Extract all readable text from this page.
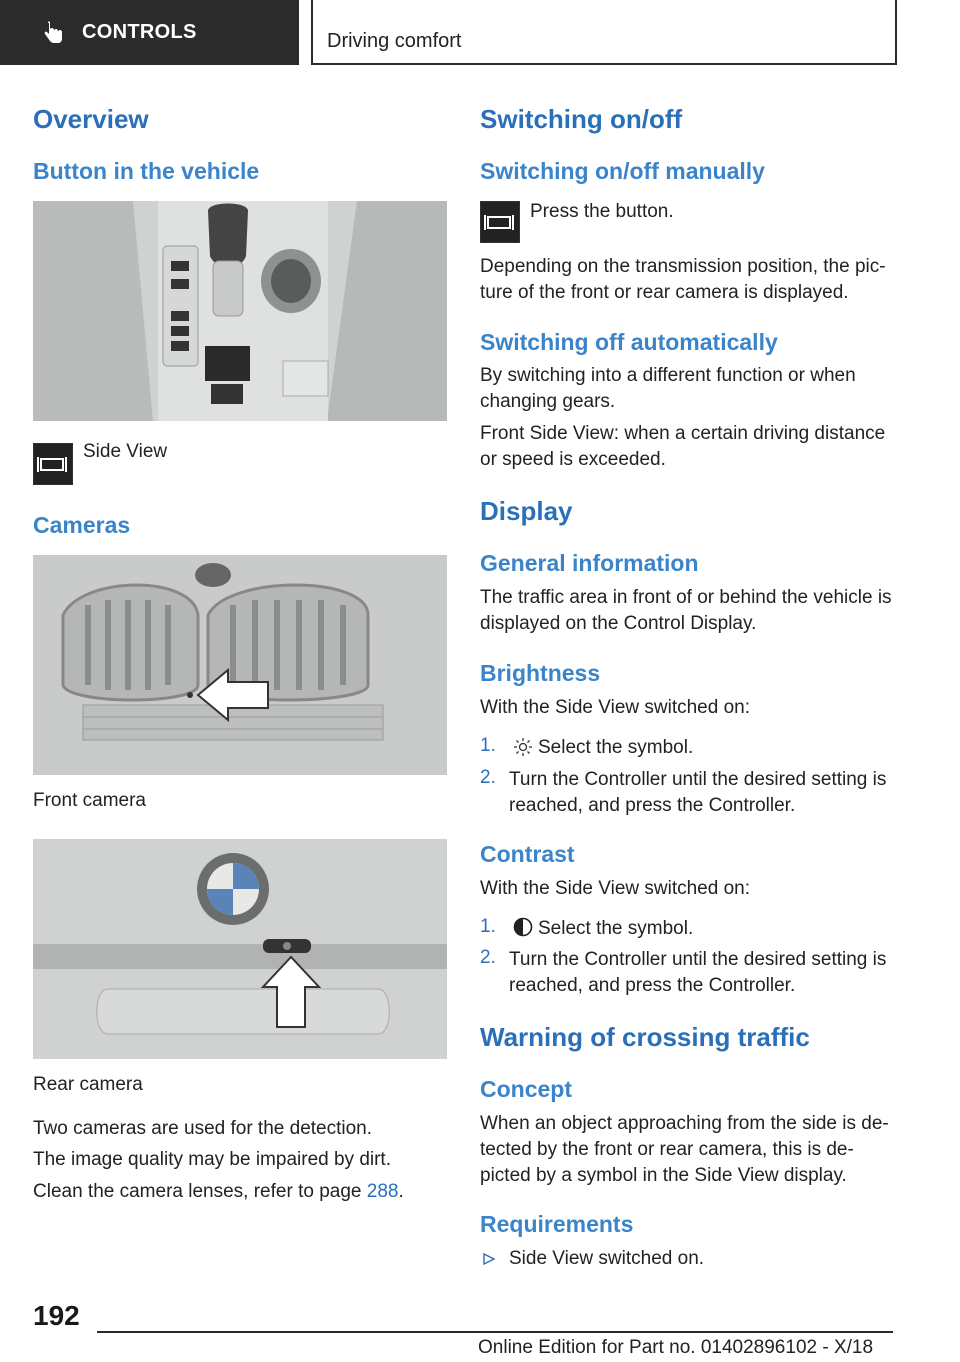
CONTROLS	Driving comfort
Overview
Button in the vehicle
Side View
Cameras
Front camera
Rear camera
Two cameras are used for the detection.
The image quality may be impaired by dirt.
Clean the camera lenses, refer to page 288.
Switching on/off
Switching on/off manually
Press the button.
Depending on the transmission position, the pic-ture of the front or rear camera is displayed.
Switching off automatically
By switching into a different function or when changing gears.
Front Side View: when a certain driving distance or speed is exceeded.
Display
General information
The traffic area in front of or behind the vehicle is displayed on the Control Display.
Brightness
With the Side View switched on:
1. Select the symbol.
2. Turn the Controller until the desired setting is reached, and press the Controller.
Contrast
With the Side View switched on:
1. Select the symbol.
2. Turn the Controller until the desired setting is reached, and press the Controller.
Warning of crossing traffic
Concept
When an object approaching from the side is de-tected by the front or rear camera, this is de-picted by a symbol in the Side View display.
Requirements
Side View switched on.
192
Online Edition for Part no. 01402896102 - X/18
